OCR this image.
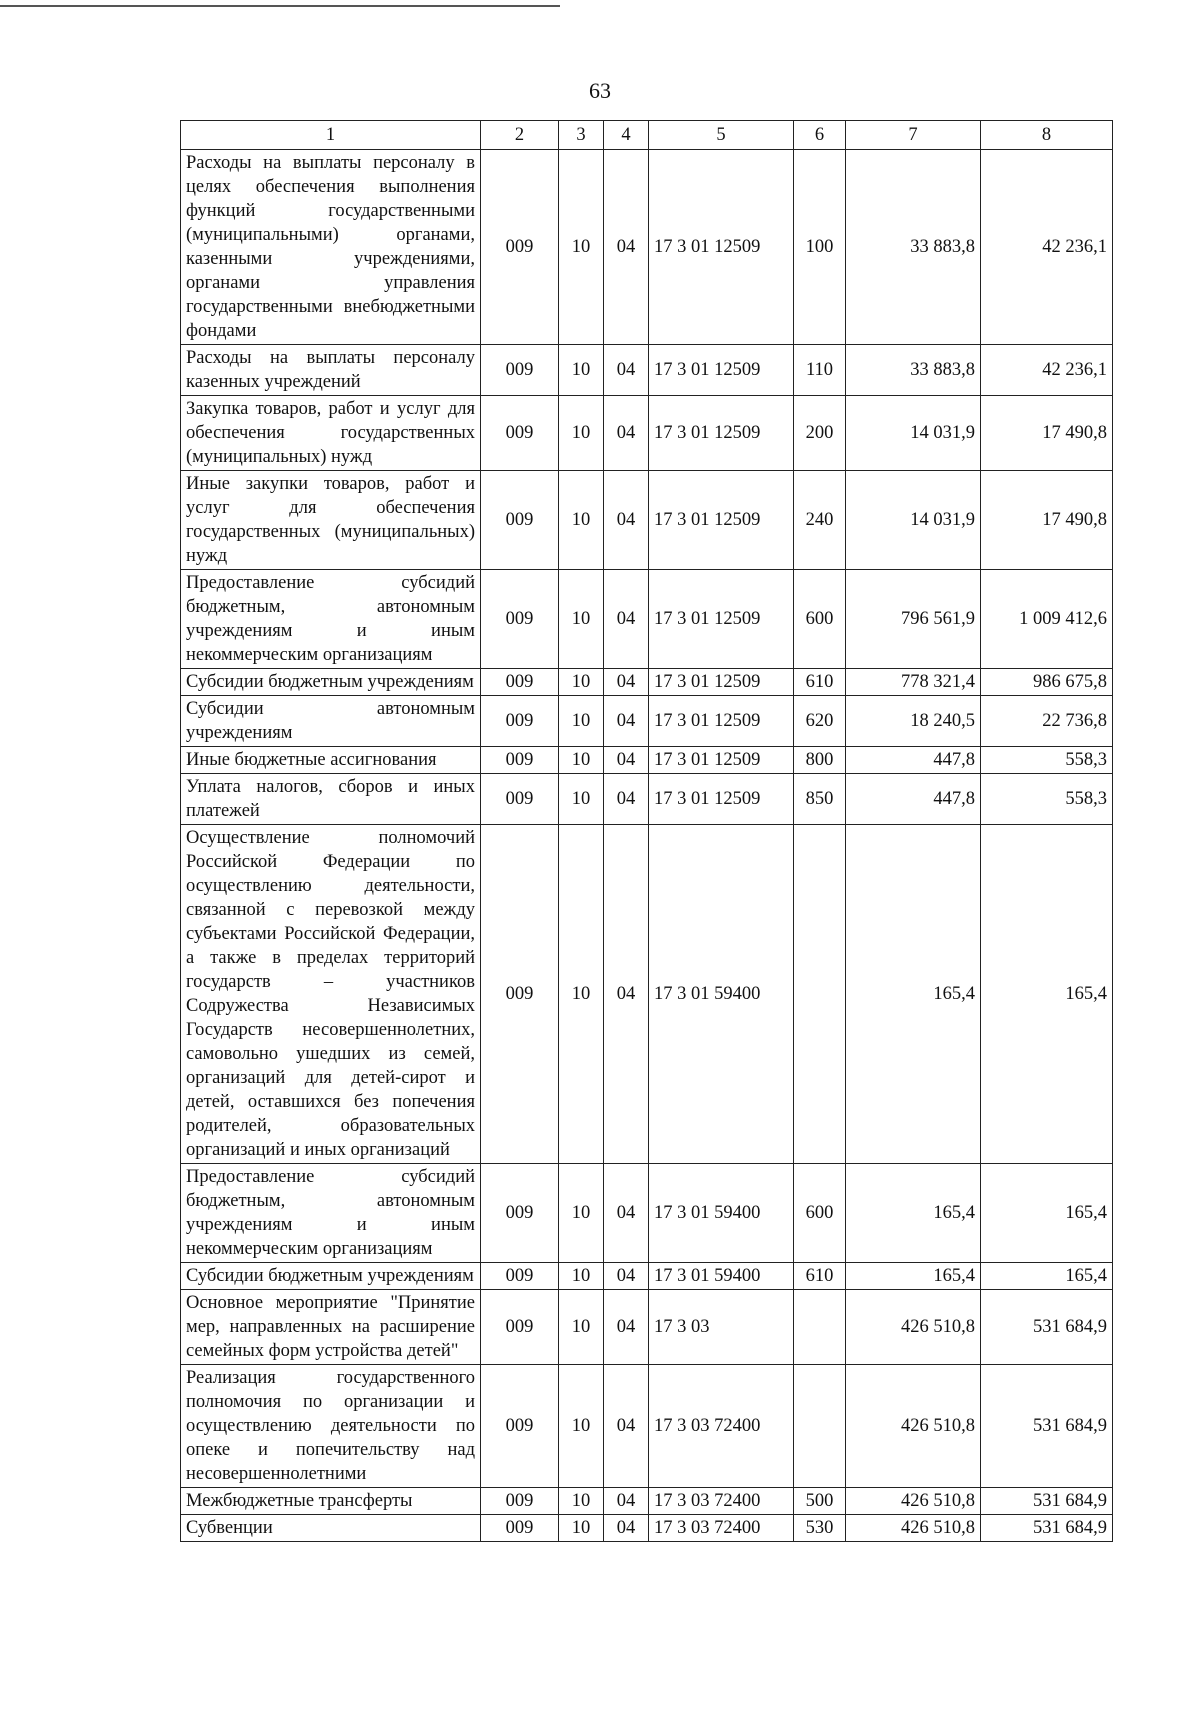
63
1	2	3	4	5	6	7	8
Расходы на выплаты персоналу в целях обеспечения выполнения функций государственными (муниципальными) органами, казенными учреждениями, органами управления государственными внебюджетными фондами	009	10	04	17 3 01 12509	100	33 883,8	42 236,1
Расходы на выплаты персоналу казенных учреждений	009	10	04	17 3 01 12509	110	33 883,8	42 236,1
Закупка товаров, работ и услуг для обеспечения государственных (муниципальных) нужд	009	10	04	17 3 01 12509	200	14 031,9	17 490,8
Иные закупки товаров, работ и услуг для обеспечения государственных (муниципальных) нужд	009	10	04	17 3 01 12509	240	14 031,9	17 490,8
Предоставление субсидий бюджетным, автономным учреждениям и иным некоммерческим организациям	009	10	04	17 3 01 12509	600	796 561,9	1 009 412,6
Субсидии бюджетным учреждениям	009	10	04	17 3 01 12509	610	778 321,4	986 675,8
Субсидии автономным учреждениям	009	10	04	17 3 01 12509	620	18 240,5	22 736,8
Иные бюджетные ассигнования	009	10	04	17 3 01 12509	800	447,8	558,3
Уплата налогов, сборов и иных платежей	009	10	04	17 3 01 12509	850	447,8	558,3
Осуществление полномочий Российской Федерации по осуществлению деятельности, связанной с перевозкой между субъектами Российской Федерации, а также в пределах территорий государств – участников Содружества Независимых Государств несовершеннолетних, самовольно ушедших из семей, организаций для детей-сирот и детей, оставшихся без попечения родителей, образовательных организаций и иных организаций	009	10	04	17 3 01 59400		165,4	165,4
Предоставление субсидий бюджетным, автономным учреждениям и иным некоммерческим организациям	009	10	04	17 3 01 59400	600	165,4	165,4
Субсидии бюджетным учреждениям	009	10	04	17 3 01 59400	610	165,4	165,4
Основное мероприятие "Принятие мер, направленных на расширение семейных форм устройства детей"	009	10	04	17 3 03		426 510,8	531 684,9
Реализация государственного полномочия по организации и осуществлению деятельности по опеке и попечительству над несовершеннолетними	009	10	04	17 3 03 72400		426 510,8	531 684,9
Межбюджетные трансферты	009	10	04	17 3 03 72400	500	426 510,8	531 684,9
Субвенции	009	10	04	17 3 03 72400	530	426 510,8	531 684,9
